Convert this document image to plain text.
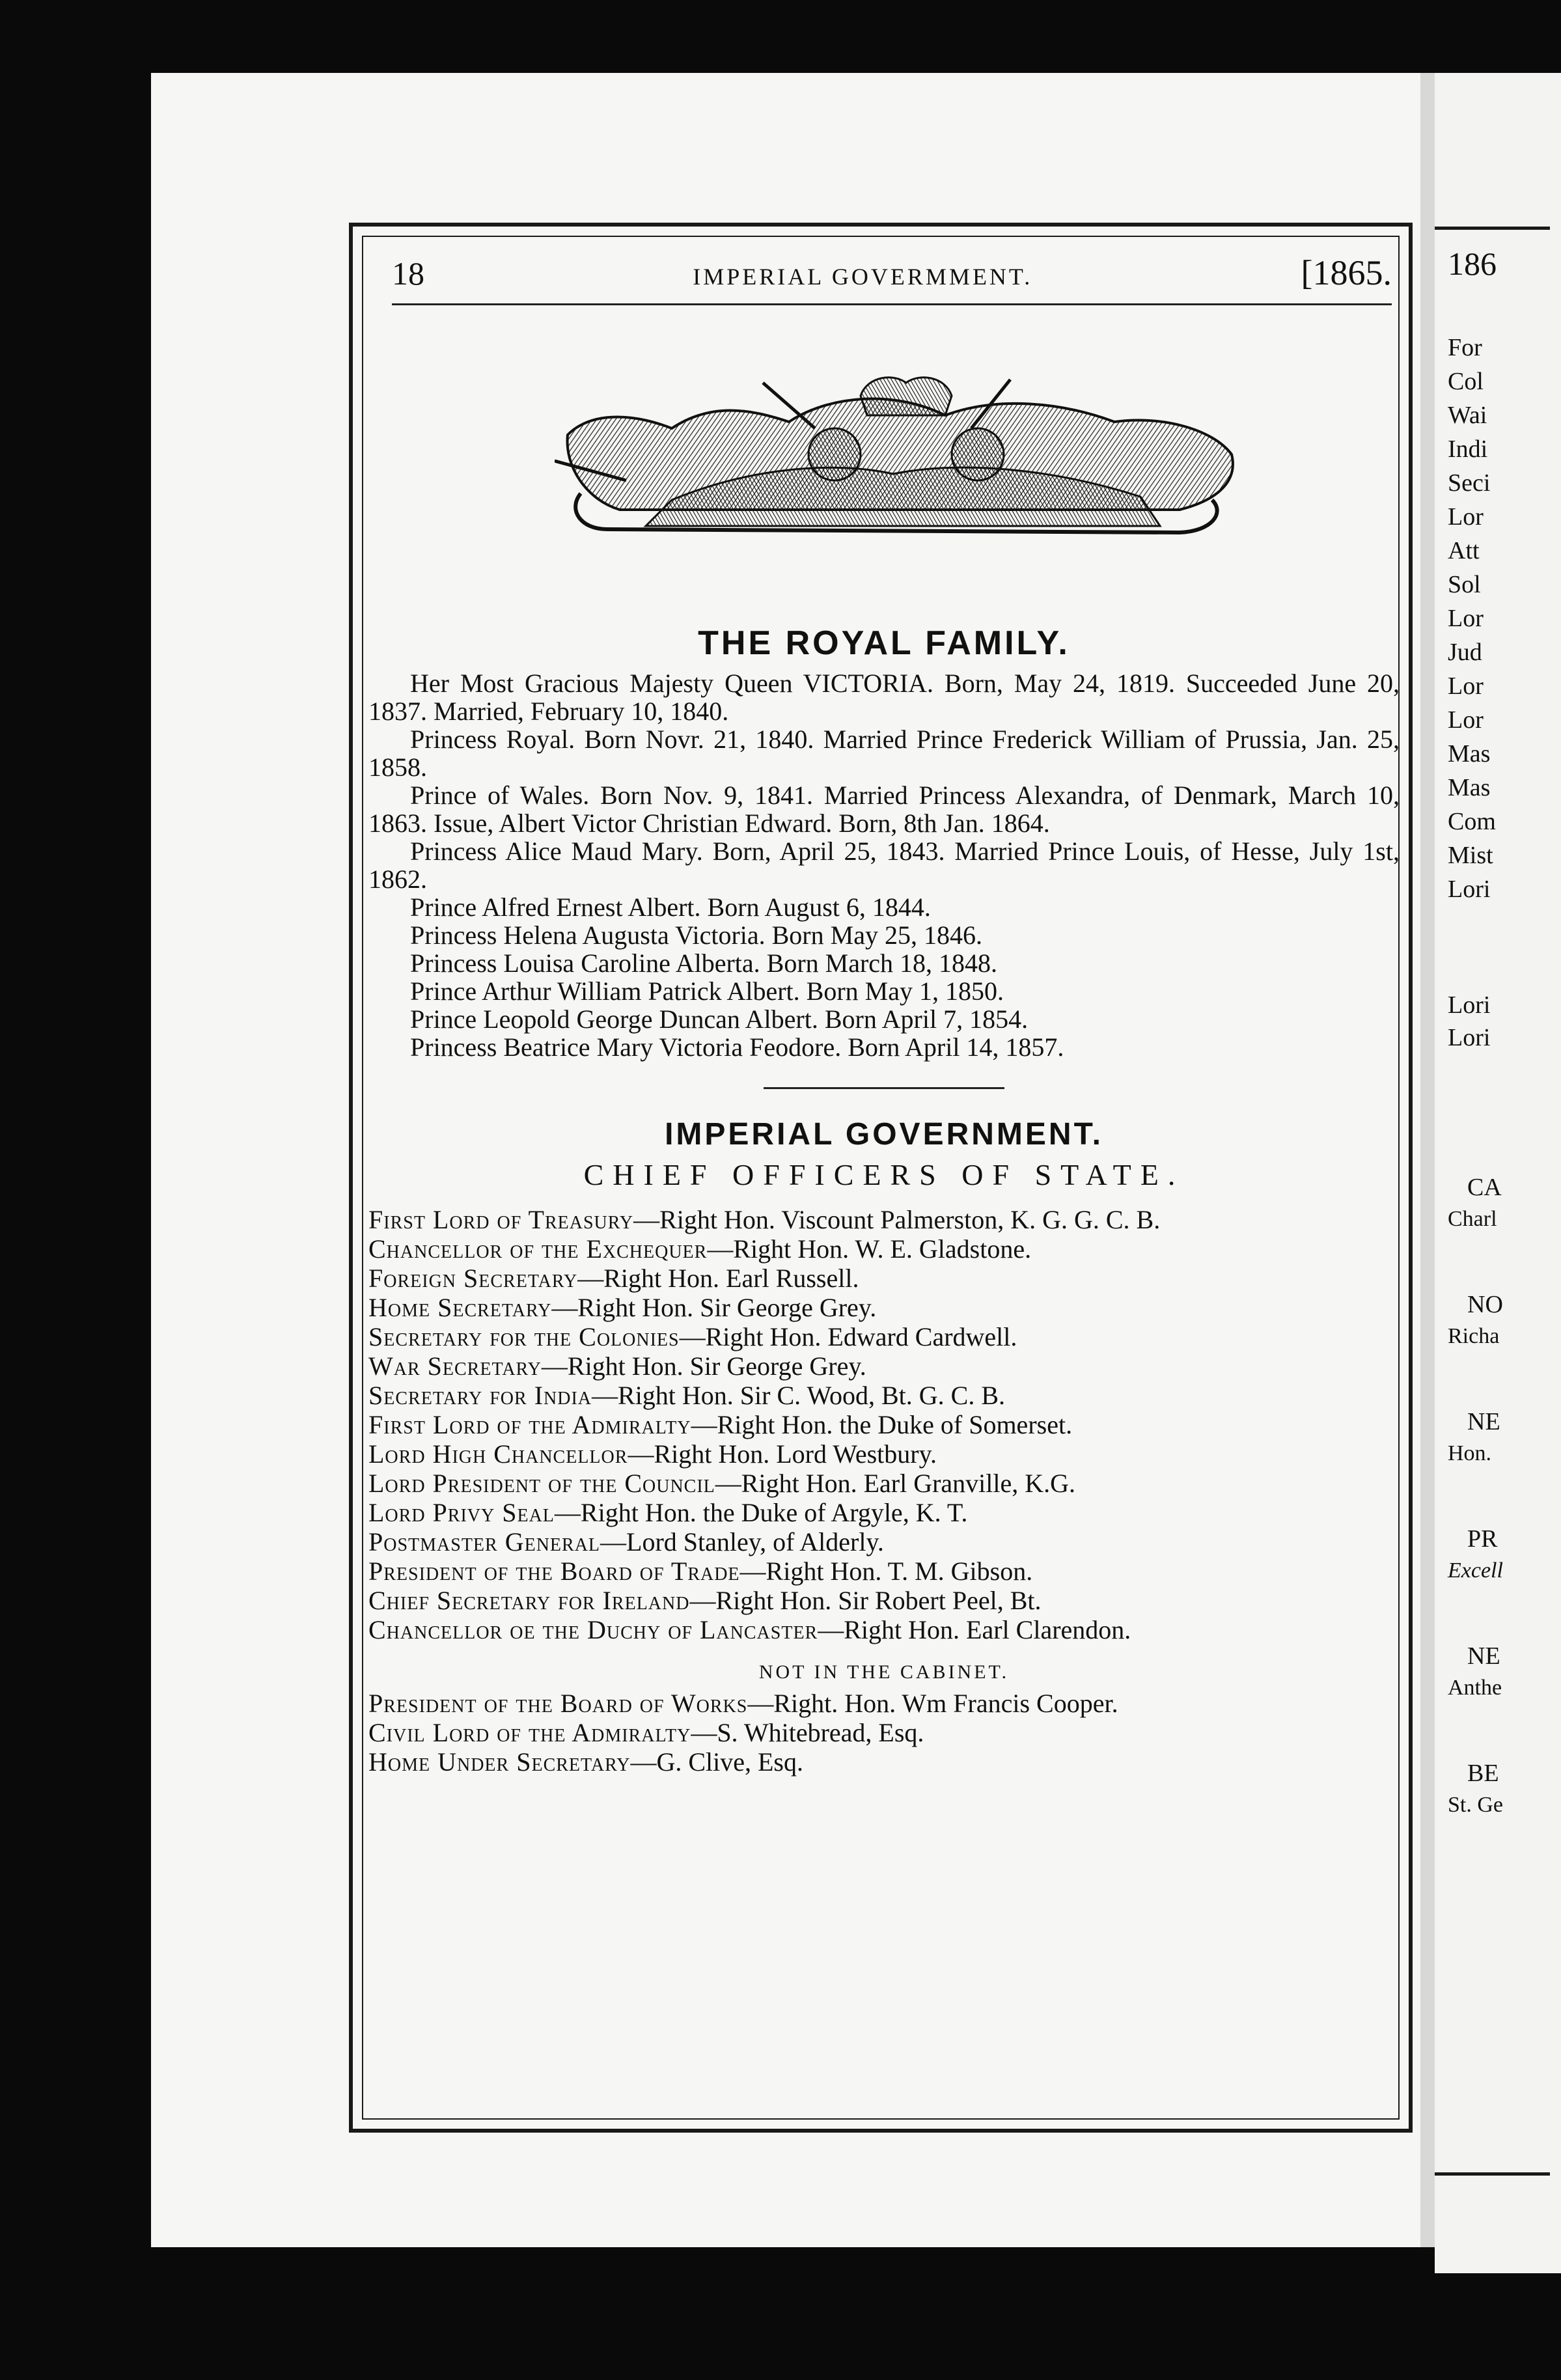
186
For
Col
Wai
Indi
Seci
Lor
Att
Sol
Lor
Jud
Lor
Lor
Mas
Mas
Com
Mist
Lori
Lori
Lori
CA
Charl
NO
Richa
NE
Hon.
PR
Excell
NE
Anthe
BE
St. Ge
18	IMPERIAL GOVERMMENT.	[1865.
THE ROYAL FAMILY.

Her Most Gracious Majesty Queen VICTORIA. Born, May 24, 1819. Succeeded June 20, 1837. Married, February 10, 1840.

Princess Royal. Born Novr. 21, 1840. Married Prince Frederick William of Prussia, Jan. 25, 1858.

Prince of Wales. Born Nov. 9, 1841. Married Princess Alexandra, of Denmark, March 10, 1863. Issue, Albert Victor Christian Edward. Born, 8th Jan. 1864.

Princess Alice Maud Mary. Born, April 25, 1843. Married Prince Louis, of Hesse, July 1st, 1862.

Prince Alfred Ernest Albert. Born August 6, 1844.

Princess Helena Augusta Victoria. Born May 25, 1846.

Princess Louisa Caroline Alberta. Born March 18, 1848.

Prince Arthur William Patrick Albert. Born May 1, 1850.

Prince Leopold George Duncan Albert. Born April 7, 1854.

Princess Beatrice Mary Victoria Feodore. Born April 14, 1857.

IMPERIAL GOVERNMENT.
CHIEF OFFICERS OF STATE.

First Lord of Treasury—Right Hon. Viscount Palmerston, K. G. G. C. B.

Chancellor of the Exchequer—Right Hon. W. E. Gladstone.

Foreign Secretary—Right Hon. Earl Russell.

Home Secretary—Right Hon. Sir George Grey.

Secretary for the Colonies—Right Hon. Edward Cardwell.

War Secretary—Right Hon. Sir George Grey.

Secretary for India—Right Hon. Sir C. Wood, Bt. G. C. B.

First Lord of the Admiralty—Right Hon. the Duke of Somerset.

Lord High Chancellor—Right Hon. Lord Westbury.

Lord President of the Council—Right Hon. Earl Granville, K.G.

Lord Privy Seal—Right Hon. the Duke of Argyle, K. T.

Postmaster General—Lord Stanley, of Alderly.

President of the Board of Trade—Right Hon. T. M. Gibson.

Chief Secretary for Ireland—Right Hon. Sir Robert Peel, Bt.

Chancellor oe the Duchy of Lancaster—Right Hon. Earl Clarendon.

NOT IN THE CABINET.

President of the Board of Works—Right. Hon. Wm Francis Cooper.

Civil Lord of the Admiralty—S. Whitebread, Esq.

Home Under Secretary—G. Clive, Esq.
